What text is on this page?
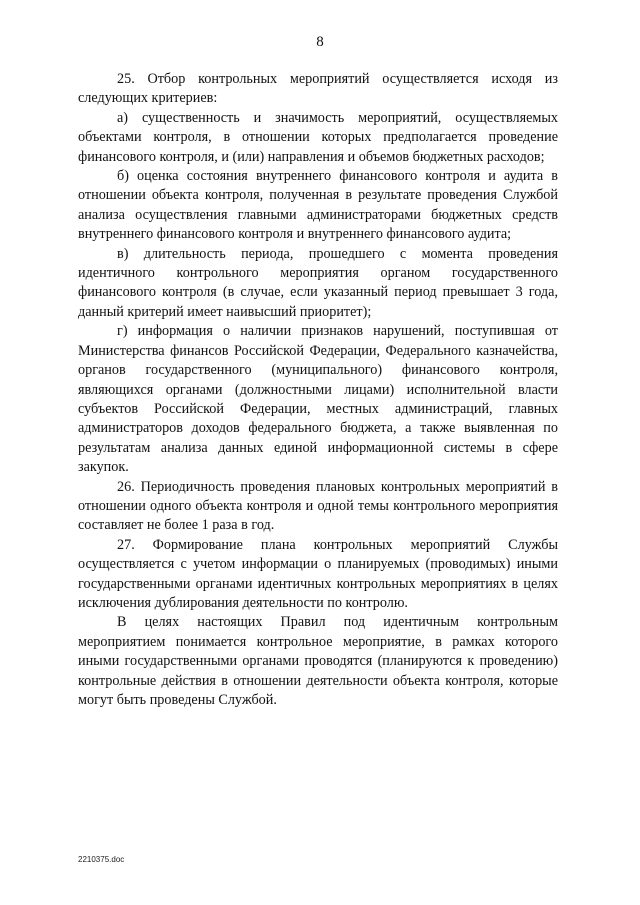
8

25. Отбор контрольных мероприятий осуществляется исходя из следующих критериев:

а) существенность и значимость мероприятий, осуществляемых объектами контроля, в отношении которых предполагается проведение финансового контроля, и (или) направления и объемов бюджетных расходов;

б) оценка состояния внутреннего финансового контроля и аудита в отношении объекта контроля, полученная в результате проведения Службой анализа осуществления главными администраторами бюджетных средств внутреннего финансового контроля и внутреннего финансового аудита;

в) длительность периода, прошедшего с момента проведения идентичного контрольного мероприятия органом государственного финансового контроля (в случае, если указанный период превышает 3 года, данный критерий имеет наивысший приоритет);

г) информация о наличии признаков нарушений, поступившая от Министерства финансов Российской Федерации, Федерального казначейства, органов государственного (муниципального) финансового контроля, являющихся органами (должностными лицами) исполнительной власти субъектов Российской Федерации, местных администраций, главных администраторов доходов федерального бюджета, а также выявленная по результатам анализа данных единой информационной системы в сфере закупок.

26. Периодичность проведения плановых контрольных мероприятий в отношении одного объекта контроля и одной темы контрольного мероприятия составляет не более 1 раза в год.

27. Формирование плана контрольных мероприятий Службы осуществляется с учетом информации о планируемых (проводимых) иными государственными органами идентичных контрольных мероприятиях в целях исключения дублирования деятельности по контролю.

В целях настоящих Правил под идентичным контрольным мероприятием понимается контрольное мероприятие, в рамках которого иными государственными органами проводятся (планируются к проведению) контрольные действия в отношении деятельности объекта контроля, которые могут быть проведены Службой.

2210375.doc
